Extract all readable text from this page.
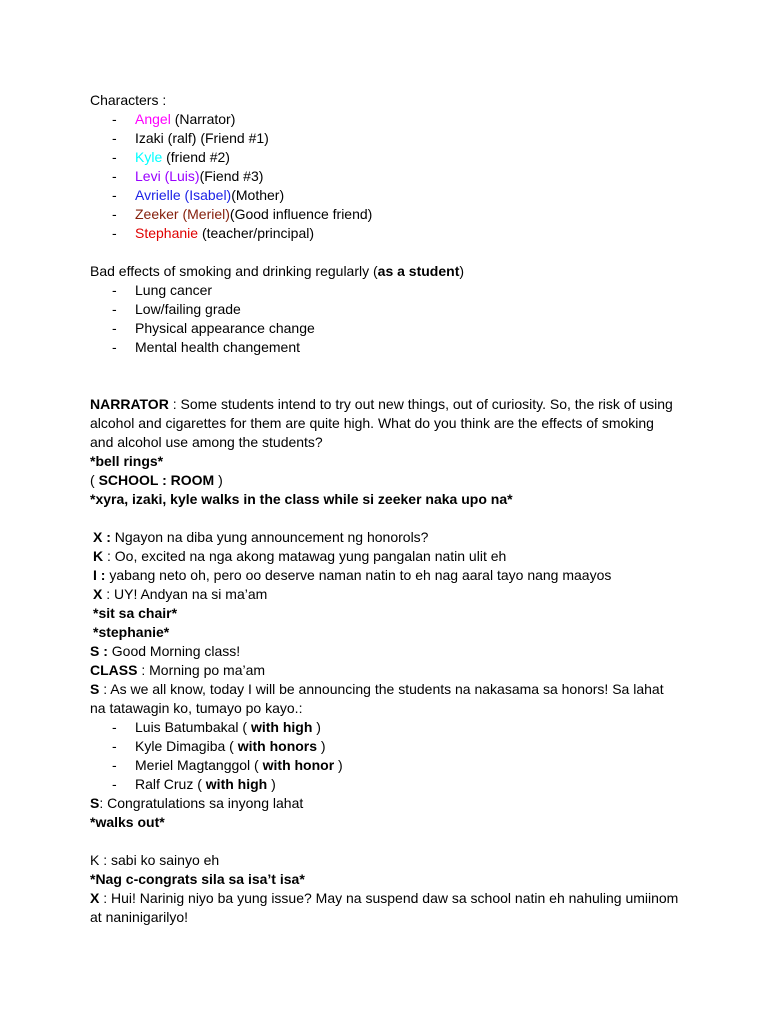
Characters :
- Angel (Narrator)
- Izaki (ralf) (Friend #1)
- Kyle (friend #2)
- Levi (Luis)(Fiend #3)
- Avrielle (Isabel)(Mother)
- Zeeker (Meriel)(Good influence friend)
- Stephanie (teacher/principal)
Bad effects of smoking and drinking regularly (as a student)
- Lung cancer
- Low/failing grade
- Physical appearance change
- Mental health changement
NARRATOR : Some students intend to try out new things, out of curiosity. So, the risk of using alcohol and cigarettes for them are quite high. What do you think are the effects of smoking and alcohol use among the students?
*bell rings*
( SCHOOL : ROOM )
*xyra, izaki, kyle walks in the class while si zeeker naka upo na*
X : Ngayon na diba yung announcement ng honorols?
K : Oo, excited na nga akong matawag yung pangalan natin ulit eh
I : yabang neto oh, pero oo deserve naman natin to eh nag aaral tayo nang maayos
X : UY! Andyan na si ma’am
*sit sa chair*
*stephanie*
S : Good Morning class!
CLASS : Morning po ma’am
S : As we all know, today I will be announcing the students na nakasama sa honors! Sa lahat na tatawagin ko, tumayo po kayo.:
- Luis Batumbakal ( with high )
- Kyle Dimagiba ( with honors )
- Meriel Magtanggol ( with honor )
- Ralf Cruz ( with high )
S: Congratulations sa inyong lahat
*walks out*
K : sabi ko sainyo eh
*Nag c-congrats sila sa isa’t isa*
X : Hui! Narinig niyo ba yung issue? May na suspend daw sa school natin eh nahuling umiinom at naninigarilyo!
